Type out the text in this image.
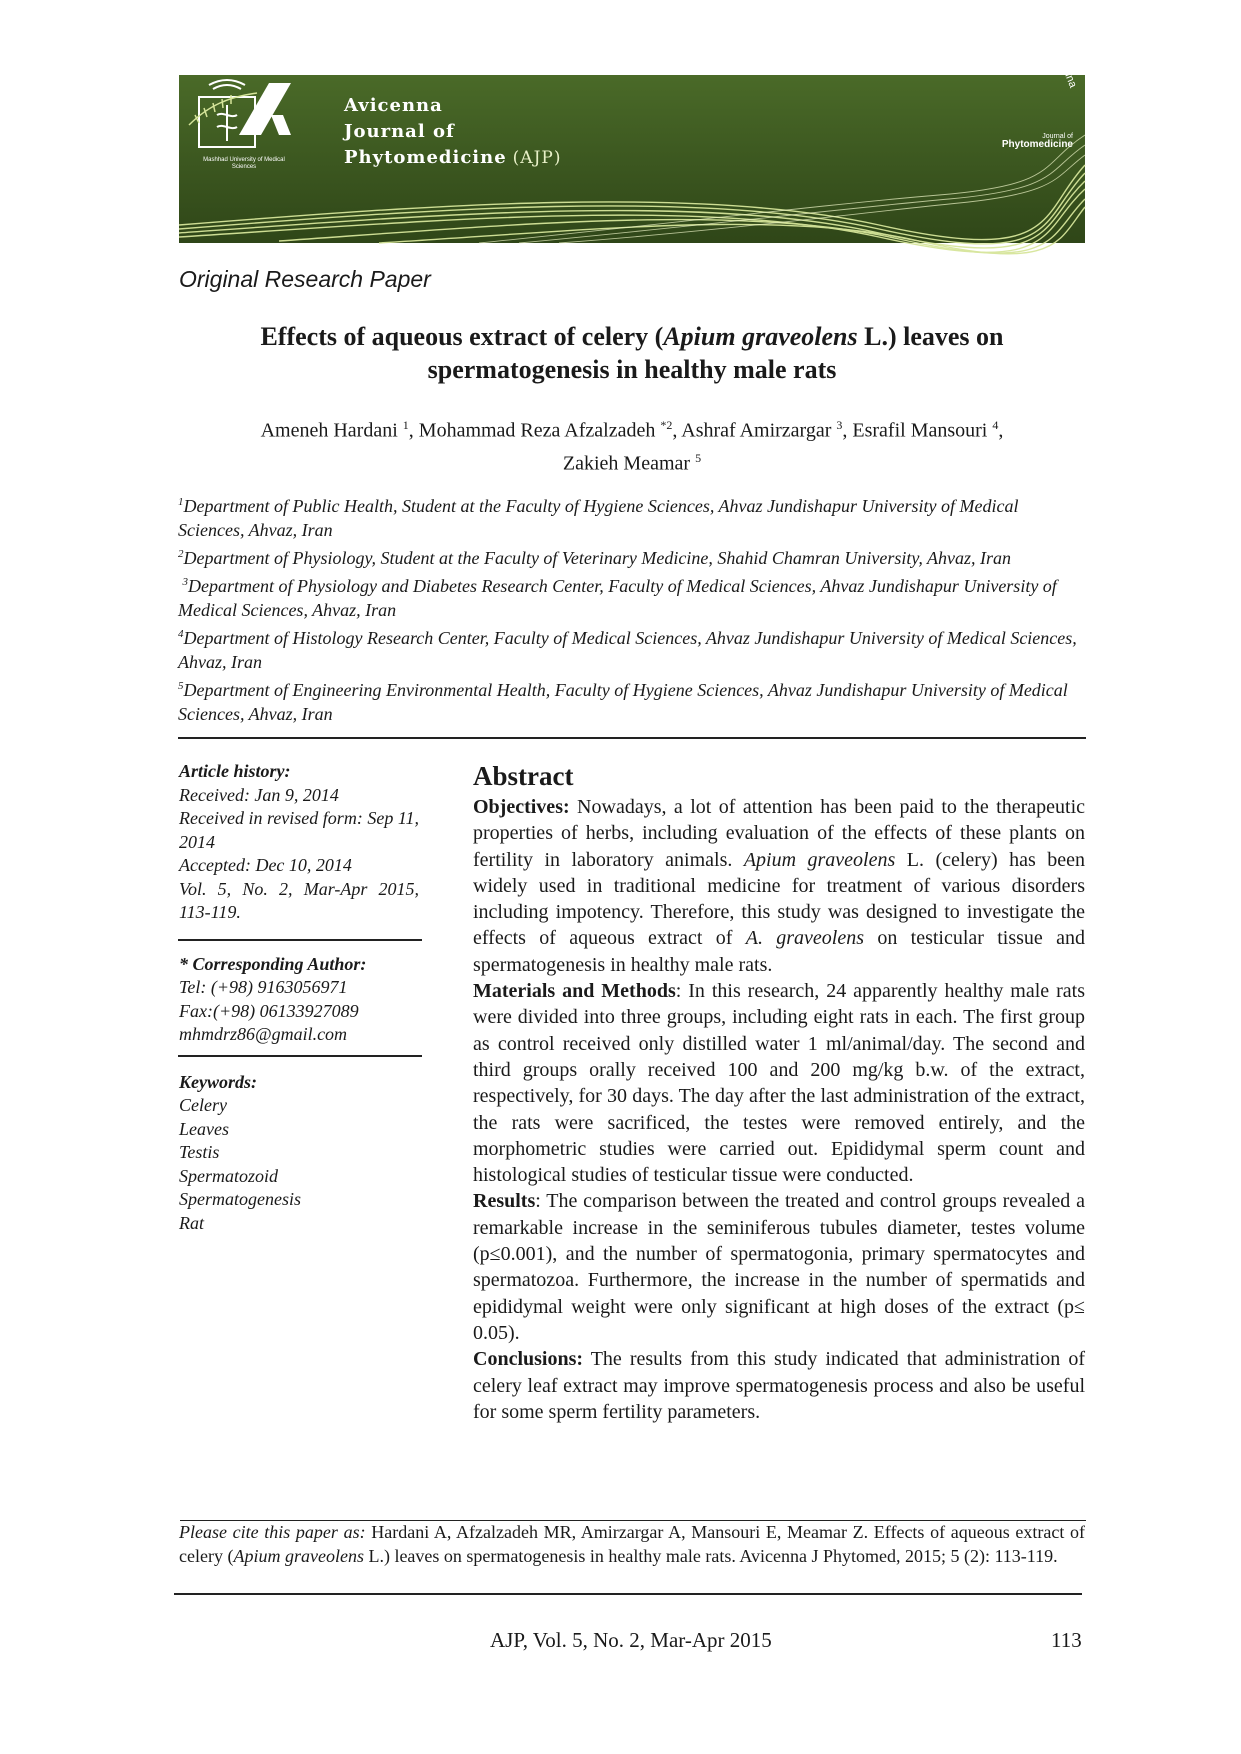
Mashhad University of Medical Sciences
Avicenna
Journal of
Phytomedicine (AJP)
vicenna
Journal of
Phytomedicine
Original Research Paper
Effects of aqueous extract of celery (Apium graveolens L.) leaves on spermatogenesis in healthy male rats
Ameneh Hardani $^1$, Mohammad Reza Afzalzadeh $^{*2}$, Ashraf Amirzargar $^3$, Esrafil Mansouri $^4$,
Zakieh Meamar $^5$

$^1$Department of Public Health, Student at the Faculty of Hygiene Sciences, Ahvaz Jundishapur University of Medical Sciences, Ahvaz, Iran

$^2$Department of Physiology, Student at the Faculty of Veterinary Medicine, Shahid Chamran University, Ahvaz, Iran

$^3$Department of Physiology and Diabetes Research Center, Faculty of Medical Sciences, Ahvaz Jundishapur University of Medical Sciences, Ahvaz, Iran

$^4$Department of Histology Research Center, Faculty of Medical Sciences, Ahvaz Jundishapur University of Medical Sciences, Ahvaz, Iran

$^5$Department of Engineering Environmental Health, Faculty of Hygiene Sciences, Ahvaz Jundishapur University of Medical Sciences, Ahvaz, Iran

Article history:
Received: Jan 9, 2014
Received in revised form: Sep 11, 2014
Accepted: Dec 10, 2014
Vol. 5, No. 2, Mar-Apr 2015, 113-119.
* Corresponding Author:
Tel: (+98) 9163056971
Fax:(+98) 06133927089
mhmdrz86@gmail.com
Keywords:
Celery
Leaves
Testis
Spermatozoid
Spermatogenesis
Rat
Abstract

Objectives: Nowadays, a lot of attention has been paid to the therapeutic properties of herbs, including evaluation of the effects of these plants on fertility in laboratory animals. Apium graveolens L. (celery) has been widely used in traditional medicine for treatment of various disorders including impotency. Therefore, this study was designed to investigate the effects of aqueous extract of A. graveolens on testicular tissue and spermatogenesis in healthy male rats.

Materials and Methods: In this research, 24 apparently healthy male rats were divided into three groups, including eight rats in each. The first group as control received only distilled water 1 ml/animal/day. The second and third groups orally received 100 and 200 mg/kg b.w. of the extract, respectively, for 30 days. The day after the last administration of the extract, the rats were sacrificed, the testes were removed entirely, and the morphometric studies were carried out. Epididymal sperm count and histological studies of testicular tissue were conducted.

Results: The comparison between the treated and control groups revealed a remarkable increase in the seminiferous tubules diameter, testes volume (p≤0.001), and the number of spermatogonia, primary spermatocytes and spermatozoa. Furthermore, the increase in the number of spermatids and epididymal weight were only significant at high doses of the extract (p≤ 0.05).

Conclusions: The results from this study indicated that administration of celery leaf extract may improve spermatogenesis process and also be useful for some sperm fertility parameters.

Please cite this paper as: Hardani A, Afzalzadeh MR, Amirzargar A, Mansouri E, Meamar Z. Effects of aqueous extract of celery (Apium graveolens L.) leaves on spermatogenesis in healthy male rats. Avicenna J Phytomed, 2015; 5 (2): 113-119.
AJP, Vol. 5, No. 2, Mar-Apr 2015	113
